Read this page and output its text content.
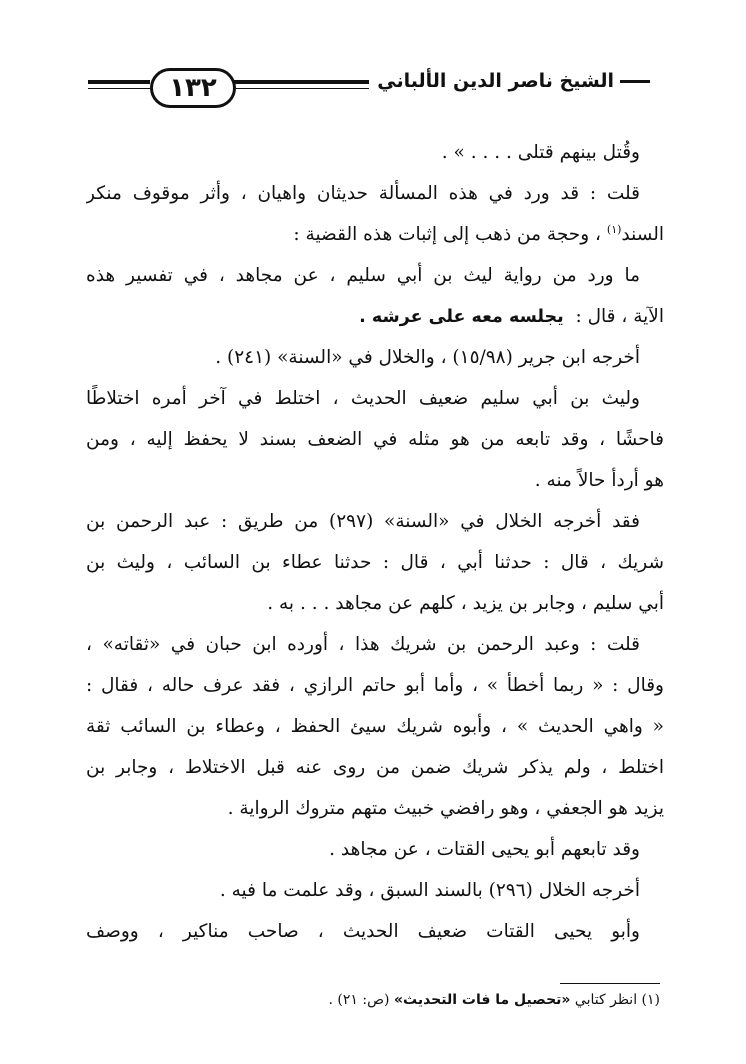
١٣٢	الشيخ ناصر الدين الألباني
وقُتل بينهم قتلى . . . . » .
قلت : قد ورد في هذه المسألة حديثان واهيان ، وأثر موقوف منكر
السند$^{(١)}$ ، وحجة من ذهب إلى إثبات هذه القضية :
ما ورد من رواية ليث بن أبي سليم ، عن مجاهد ، في تفسير هذه
الآية ، قال :  يجلسه معه على عرشه .
أخرجه ابن جرير (١٥/٩٨) ، والخلال في «السنة» (٢٤١) .
وليث بن أبي سليم ضعيف الحديث ، اختلط في آخر أمره اختلاطًا
فاحشًا ، وقد تابعه من هو مثله في الضعف بسند لا يحفظ إليه ، ومن
هو أردأ حالاً منه .
فقد أخرجه الخلال في «السنة» (٢٩٧) من طريق : عبد الرحمن بن
شريك ، قال : حدثنا أبي ، قال : حدثنا عطاء بن السائب ، وليث بن
أبي سليم ، وجابر بن يزيد ، كلهم عن مجاهد . . . به .
قلت : وعبد الرحمن بن شريك هذا ، أورده ابن حبان في «ثقاته» ،
وقال : « ربما أخطأ » ، وأما أبو حاتم الرازي ، فقد عرف حاله ، فقال :
« واهي الحديث » ، وأبوه شريك سيئ الحفظ ، وعطاء بن السائب ثقة
اختلط ، ولم يذكر شريك ضمن من روى عنه قبل الاختلاط ، وجابر بن
يزيد هو الجعفي ، وهو رافضي خبيث متهم متروك الرواية .
وقد تابعهم أبو يحيى القتات ، عن مجاهد .
أخرجه الخلال (٢٩٦) بالسند السبق ، وقد علمت ما فيه .
وأبو يحيى القتات ضعيف الحديث ، صاحب مناكير ، ووصف
(١) انظر كتابي «تحصيل ما فات التحديث» (ص: ٢١) .
